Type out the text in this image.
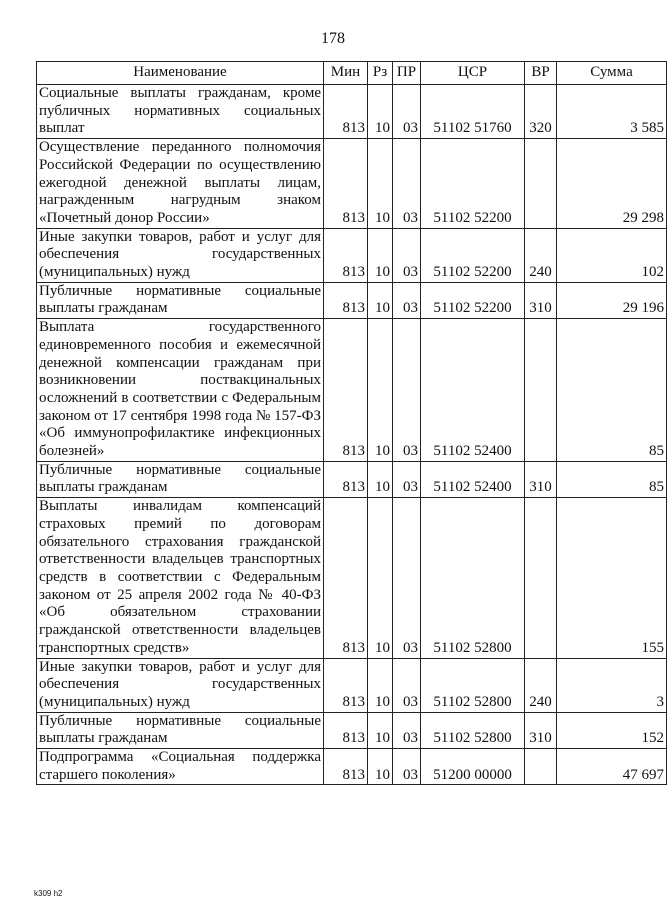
178
Наименование	Мин	Рз	ПР	ЦСР	ВР	Сумма
Социальные выплаты гражданам, кроме публичных нормативных социальных выплат	813	10	03	51102 51760	320	3 585
Осуществление переданного полномочия Российской Федерации по осуществлению ежегодной денежной выплаты лицам, награжденным нагрудным знаком «Почетный донор России»	813	10	03	51102 52200		29 298
Иные закупки товаров, работ и услуг для обеспечения государственных (муниципальных) нужд	813	10	03	51102 52200	240	102
Публичные нормативные социальные выплаты гражданам	813	10	03	51102 52200	310	29 196
Выплата государственного единовременного пособия и ежемесячной денежной компенсации гражданам при возникновении поствакцинальных осложнений в соответствии с Федеральным законом от 17 сентября 1998 года № 157-ФЗ «Об иммунопрофилактике инфекционных болезней»	813	10	03	51102 52400		85
Публичные нормативные социальные выплаты гражданам	813	10	03	51102 52400	310	85
Выплаты инвалидам компенсаций страховых премий по договорам обязательного страхования гражданской ответственности владельцев транспортных средств в соответствии с Федеральным законом от 25 апреля 2002 года № 40-ФЗ «Об обязательном страховании гражданской ответственности владельцев транспортных средств»	813	10	03	51102 52800		155
Иные закупки товаров, работ и услуг для обеспечения государственных (муниципальных) нужд	813	10	03	51102 52800	240	3
Публичные нормативные социальные выплаты гражданам	813	10	03	51102 52800	310	152
Подпрограмма «Социальная поддержка старшего поколения»	813	10	03	51200 00000		47 697
k309 h2
